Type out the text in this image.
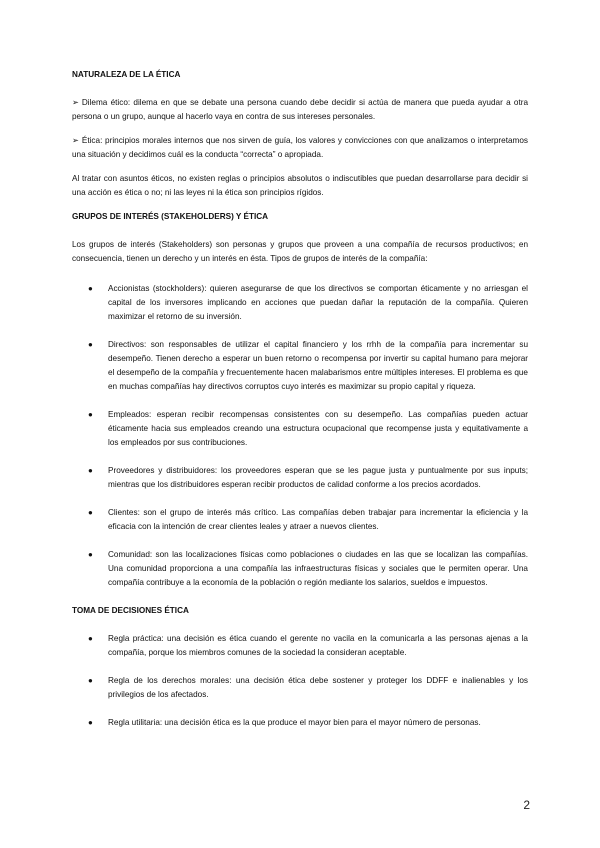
NATURALEZA DE LA ÉTICA

➢ Dilema ético: dilema en que se debate una persona cuando debe decidir si actúa de manera que pueda ayudar a otra persona o un grupo, aunque al hacerlo vaya en contra de sus intereses personales.

➢ Ética: principios morales internos que nos sirven de guía, los valores y convicciones con que analizamos o interpretamos una situación y decidimos cuál es la conducta “correcta” o apropiada.

Al tratar con asuntos éticos, no existen reglas o principios absolutos o indiscutibles que puedan desarrollarse para decidir si una acción es ética o no; ni las leyes ni la ética son principios rígidos.

GRUPOS DE INTERÉS (STAKEHOLDERS) Y ÉTICA

Los grupos de interés (Stakeholders) son personas y grupos que proveen a una compañía de recursos productivos; en consecuencia, tienen un derecho y un interés en ésta. Tipos de grupos de interés de la compañía:

● Accionistas (stockholders): quieren asegurarse de que los directivos se comportan éticamente y no arriesgan el capital de los inversores implicando en acciones que puedan dañar la reputación de la compañía. Quieren maximizar el retorno de su inversión.
● Directivos: son responsables de utilizar el capital financiero y los rrhh de la compañía para incrementar su desempeño. Tienen derecho a esperar un buen retorno o recompensa por invertir su capital humano para mejorar el desempeño de la compañía y frecuentemente hacen malabarismos entre múltiples intereses. El problema es que en muchas compañías hay directivos corruptos cuyo interés es maximizar su propio capital y riqueza.
● Empleados: esperan recibir recompensas consistentes con su desempeño. Las compañías pueden actuar éticamente hacia sus empleados creando una estructura ocupacional que recompense justa y equitativamente a los empleados por sus contribuciones.
● Proveedores y distribuidores: los proveedores esperan que se les pague justa y puntualmente por sus inputs; mientras que los distribuidores esperan recibir productos de calidad conforme a los precios acordados.
● Clientes: son el grupo de interés más crítico. Las compañías deben trabajar para incrementar la eficiencia y la eficacia con la intención de crear clientes leales y atraer a nuevos clientes.
● Comunidad: son las localizaciones físicas como poblaciones o ciudades en las que se localizan las compañías. Una comunidad proporciona a una compañía las infraestructuras físicas y sociales que le permiten operar. Una compañía contribuye a la economía de la población o región mediante los salarios, sueldos e impuestos.
TOMA DE DECISIONES ÉTICA
● Regla práctica: una decisión es ética cuando el gerente no vacila en la comunicarla a las personas ajenas a la compañía, porque los miembros comunes de la sociedad la consideran aceptable.
● Regla de los derechos morales: una decisión ética debe sostener y proteger los DDFF e inalienables y los privilegios de los afectados.
● Regla utilitaria: una decisión ética es la que produce el mayor bien para el mayor número de personas.
2
